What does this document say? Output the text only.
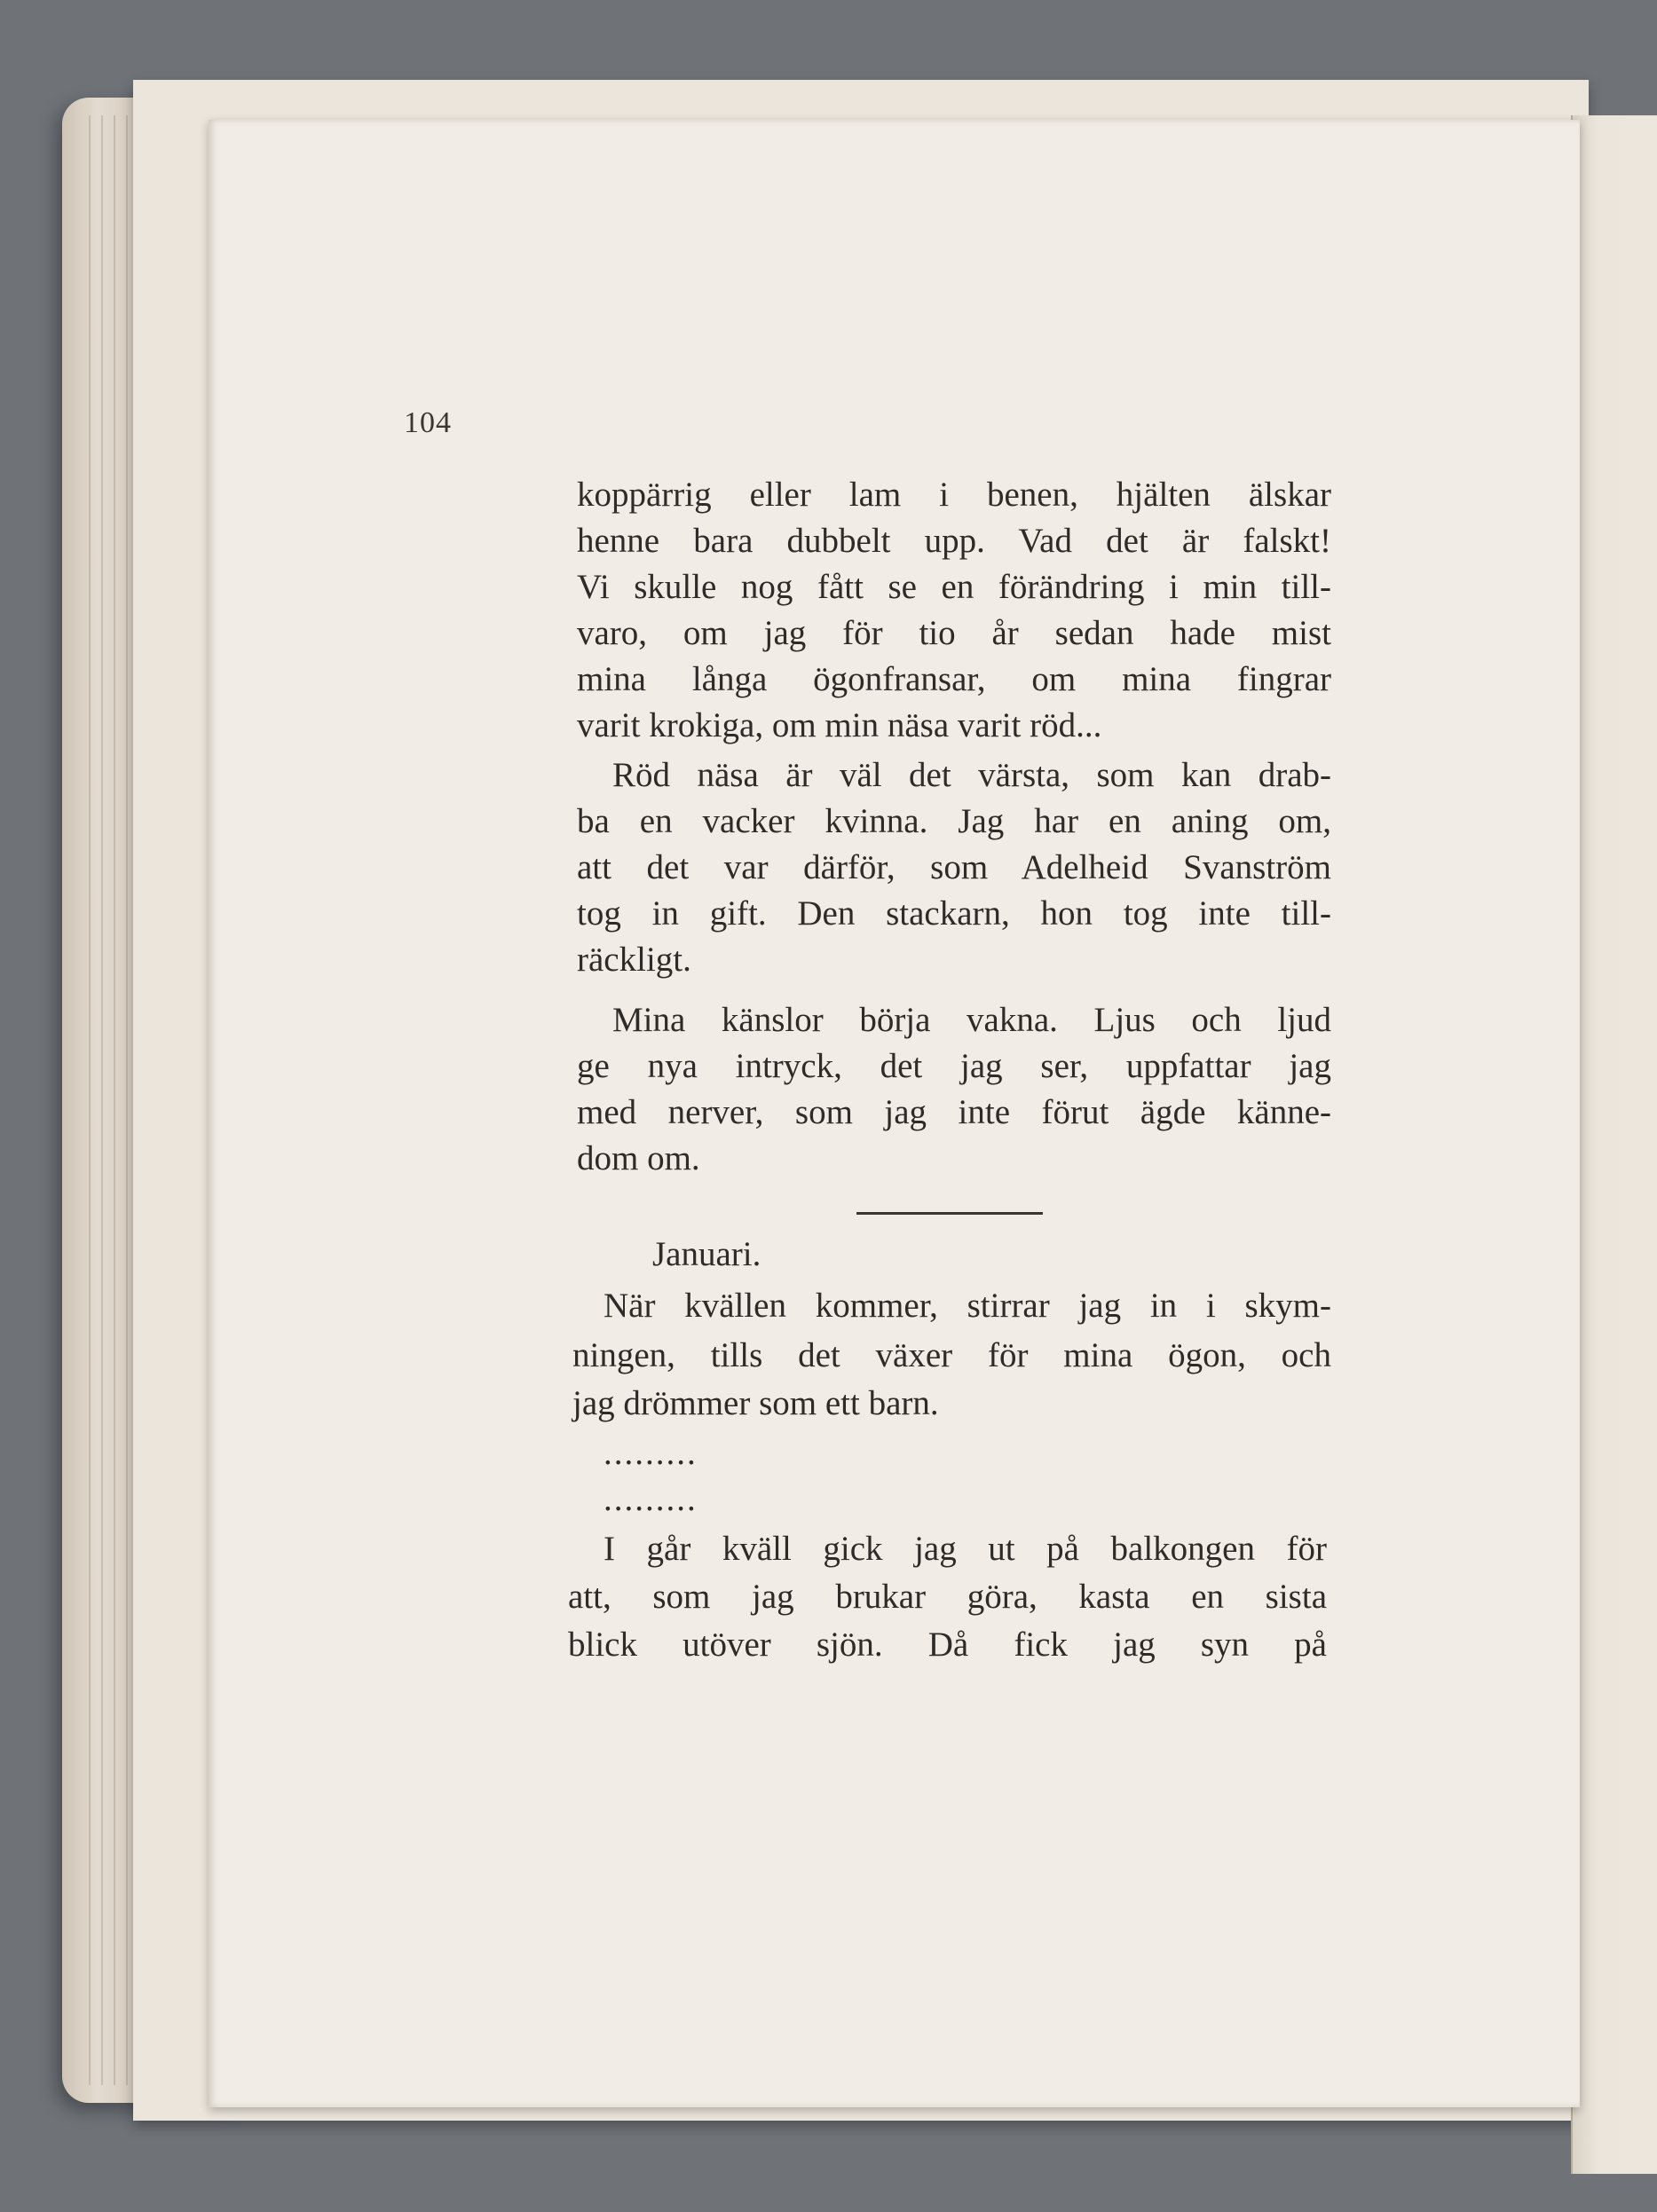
104
koppärrig eller lam i benen, hjälten älskar
henne bara dubbelt upp. Vad det är falskt!
Vi skulle nog fått se en förändring i min till-
varo, om jag för tio år sedan hade mist
mina långa ögonfransar, om mina fingrar
varit krokiga, om min näsa varit röd...
Röd näsa är väl det värsta, som kan drab-
ba en vacker kvinna. Jag har en aning om,
att det var därför, som Adelheid Svanström
tog in gift. Den stackarn, hon tog inte till-
räckligt.
Mina känslor börja vakna. Ljus och ljud
ge nya intryck, det jag ser, uppfattar jag
med nerver, som jag inte förut ägde känne-
dom om.
Januari.
När kvällen kommer, stirrar jag in i skym-
ningen, tills det växer för mina ögon, och
jag drömmer som ett barn.
.........
.........
I går kväll gick jag ut på balkongen för
att, som jag brukar göra, kasta en sista
blick utöver sjön. Då fick jag syn på
